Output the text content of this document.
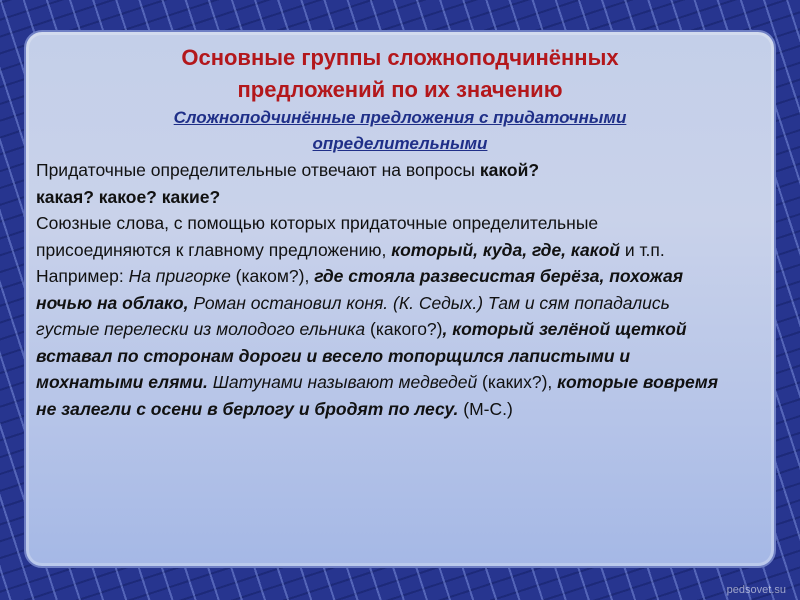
Основные группы сложноподчинённых
предложений по их значению
Сложноподчинённые предложения с придаточными
определительными
Придаточные определительные отвечают на вопросы какой?
какая? какое? какие?
Союзные слова, с помощью которых придаточные определительные присоединяются к главному предложению, который, куда, где, какой и т.п.
Например: На пригорке (каком?), где стояла развесистая берёза, похожая ночью на облако, Роман остановил коня. (К. Седых.) Там и сям попадались густые перелески из молодого ельника (какого?), который зелёной щеткой вставал по сторонам дороги и весело топорщился лапистыми и мохнатыми елями. Шатунами называют медведей (каких?), которые вовремя не залегли с осени в берлогу и бродят по лесу. (М-С.)
pedsovet.su
